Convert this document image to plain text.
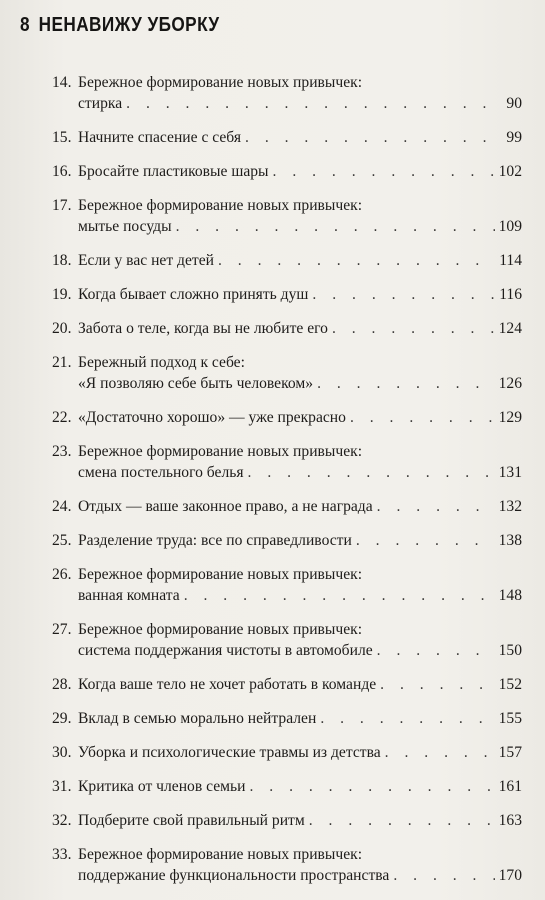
8 НЕНАВИЖУ УБОРКУ
14. Бережное формирование новых привычек:
стирка . . .	90
15. Начните спасение с себя . . .	99
16. Бросайте пластиковые шары . . .	102
17. Бережное формирование новых привычек:
мытье посуды . . .	109
18. Если у вас нет детей . . .	114
19. Когда бывает сложно принять душ . . .	116
20. Забота о теле, когда вы не любите его . . .	124
21. Бережный подход к себе:
«Я позволяю себе быть человеком» . . .	126
22. «Достаточно хорошо» — уже прекрасно . . .	129
23. Бережное формирование новых привычек:
смена постельного белья . . .	131
24. Отдых — ваше законное право, а не награда . . .	132
25. Разделение труда: все по справедливости . . .	138
26. Бережное формирование новых привычек:
ванная комната . . .	148
27. Бережное формирование новых привычек:
система поддержания чистоты в автомобиле . . .	150
28. Когда ваше тело не хочет работать в команде . . .	152
29. Вклад в семью морально нейтрален . . .	155
30. Уборка и психологические травмы из детства . . .	157
31. Критика от членов семьи . . .	161
32. Подберите свой правильный ритм . . .	163
33. Бережное формирование новых привычек:
поддержание функциональности пространства . . .	170
